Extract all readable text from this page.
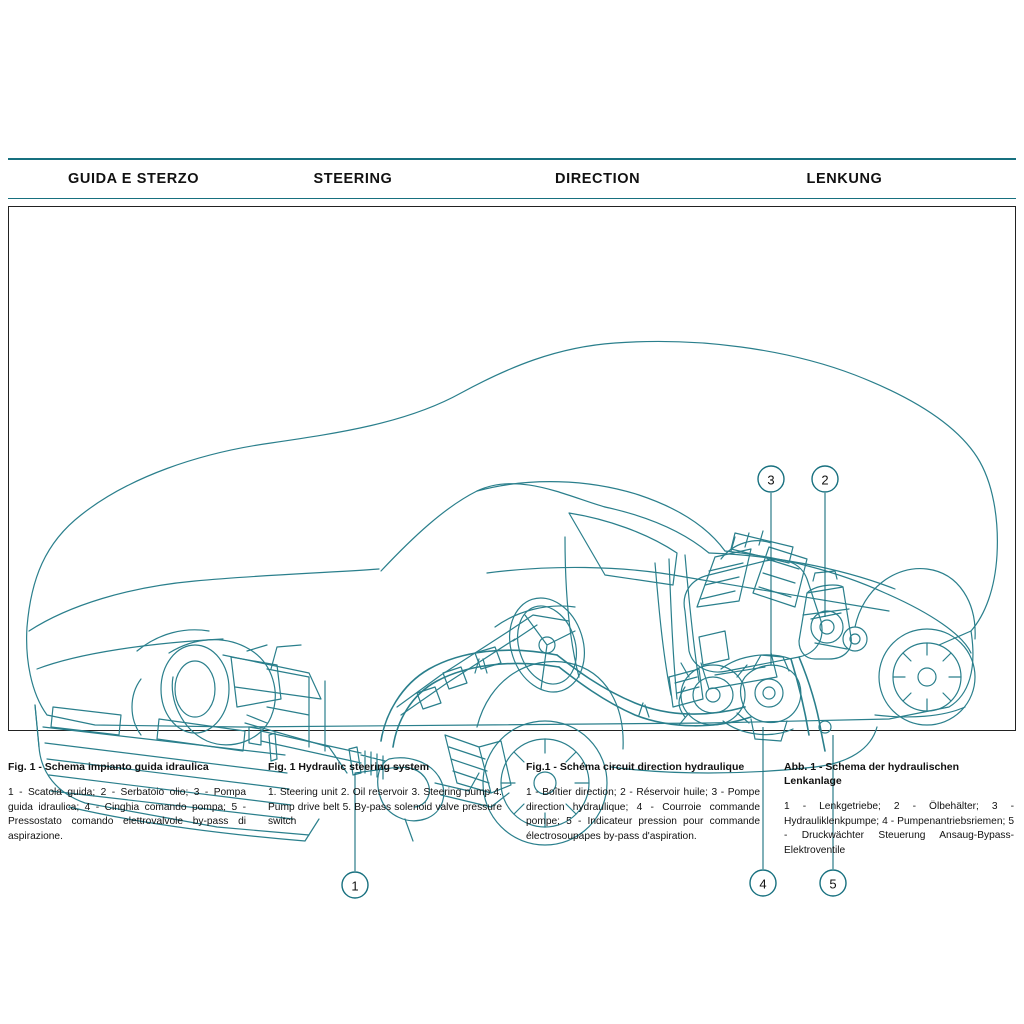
GUIDA E STERZO	STEERING	DIRECTION	LENKUNG
3	2
1	4	5

Fig. 1 - Schema impianto guida idraulica

1 - Scatola guida; 2 - Serbatoio olio; 3 - Pompa guida idraulica; 4 - Cinghia comando pompa; 5 - Pressostato comando elettrovalvole by-pass di aspirazione.

Fig. 1 Hydraulic steering system

1. Steering unit 2. Oil reservoir 3. Steering pump 4. Pump drive belt 5. By-pass solenoid valve pressure switch

Fig.1 - Schéma circuit direction hydraulique

1 - Boîtier direction; 2 - Réservoir huile; 3 - Pompe direction hydraulique; 4 - Courroie commande pompe; 5 - Indicateur pression pour commande électrosoupapes by-pass d'aspiration.

Abb. 1 - Schema der hydraulischen Lenkanlage

1 - Lenkgetriebe; 2 - Ölbehälter; 3 - Hydrauliklenkpumpe; 4 - Pumpenantriebsriemen; 5 - Druckwächter Steuerung Ansaug-Bypass-Elektroventile
